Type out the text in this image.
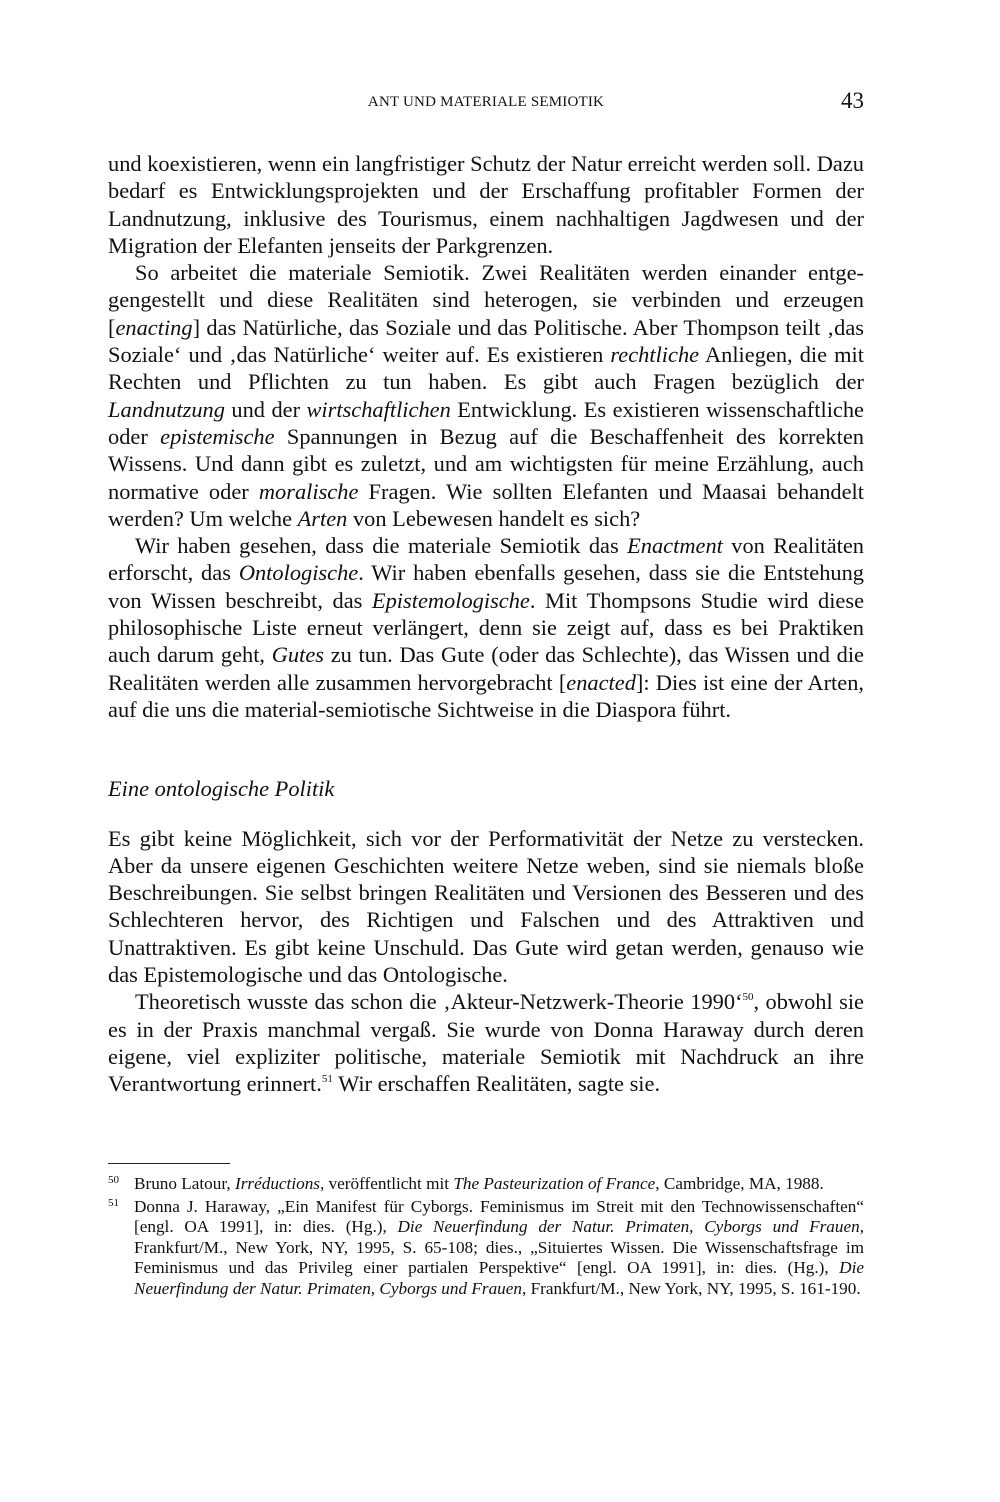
ANT UND MATERIALE SEMIOTIK	43

und koexistieren, wenn ein langfristiger Schutz der Natur erreicht werden soll. Dazu bedarf es Entwicklungsprojekten und der Erschaffung profitabler Formen der Landnutzung, inklusive des Tourismus, einem nachhaltigen Jagdwesen und der Migration der Elefanten jenseits der Parkgrenzen.

So arbeitet die materiale Semiotik. Zwei Realitäten werden einander entgegengestellt und diese Realitäten sind heterogen, sie verbinden und erzeugen [enacting] das Natürliche, das Soziale und das Politische. Aber Thompson teilt ‚das Soziale‘ und ‚das Natürliche‘ weiter auf. Es existieren rechtliche Anliegen, die mit Rechten und Pflichten zu tun haben. Es gibt auch Fragen bezüglich der Landnutzung und der wirtschaftlichen Entwicklung. Es existieren wissenschaftliche oder epistemische Spannungen in Bezug auf die Beschaffenheit des korrekten Wissens. Und dann gibt es zuletzt, und am wichtigsten für meine Erzählung, auch normative oder moralische Fragen. Wie sollten Elefanten und Maasai behandelt werden? Um welche Arten von Lebewesen handelt es sich?

Wir haben gesehen, dass die materiale Semiotik das Enactment von Realitäten erforscht, das Ontologische. Wir haben ebenfalls gesehen, dass sie die Entstehung von Wissen beschreibt, das Epistemologische. Mit Thompsons Studie wird diese philosophische Liste erneut verlängert, denn sie zeigt auf, dass es bei Praktiken auch darum geht, Gutes zu tun. Das Gute (oder das Schlechte), das Wissen und die Realitäten werden alle zusammen hervorgebracht [enacted]: Dies ist eine der Arten, auf die uns die material-semiotische Sichtweise in die Diaspora führt.

Eine ontologische Politik

Es gibt keine Möglichkeit, sich vor der Performativität der Netze zu verstecken. Aber da unsere eigenen Geschichten weitere Netze weben, sind sie niemals bloße Beschreibungen. Sie selbst bringen Realitäten und Versionen des Besseren und des Schlechteren hervor, des Richtigen und Falschen und des Attraktiven und Unattraktiven. Es gibt keine Unschuld. Das Gute wird getan werden, genauso wie das Epistemologische und das Ontologische.

Theoretisch wusste das schon die ‚Akteur-Netzwerk-Theorie 1990‘$^{50}$, obwohl sie es in der Praxis manchmal vergaß. Sie wurde von Donna Haraway durch deren eigene, viel expliziter politische, materiale Semiotik mit Nachdruck an ihre Verantwortung erinnert.$^{51}$ Wir erschaffen Realitäten, sagte sie.

50 Bruno Latour, Irréductions, veröffentlicht mit The Pasteurization of France, Cambridge, MA, 1988.
51 Donna J. Haraway, „Ein Manifest für Cyborgs. Feminismus im Streit mit den Technowissenschaften“ [engl. OA 1991], in: dies. (Hg.), Die Neuerfindung der Natur. Primaten, Cyborgs und Frauen, Frankfurt/M., New York, NY, 1995, S. 65-108; dies., „Situiertes Wissen. Die Wissenschaftsfrage im Feminismus und das Privileg einer partialen Perspektive“ [engl. OA 1991], in: dies. (Hg.), Die Neuerfindung der Natur. Primaten, Cyborgs und Frauen, Frankfurt/M., New York, NY, 1995, S. 161-190.
